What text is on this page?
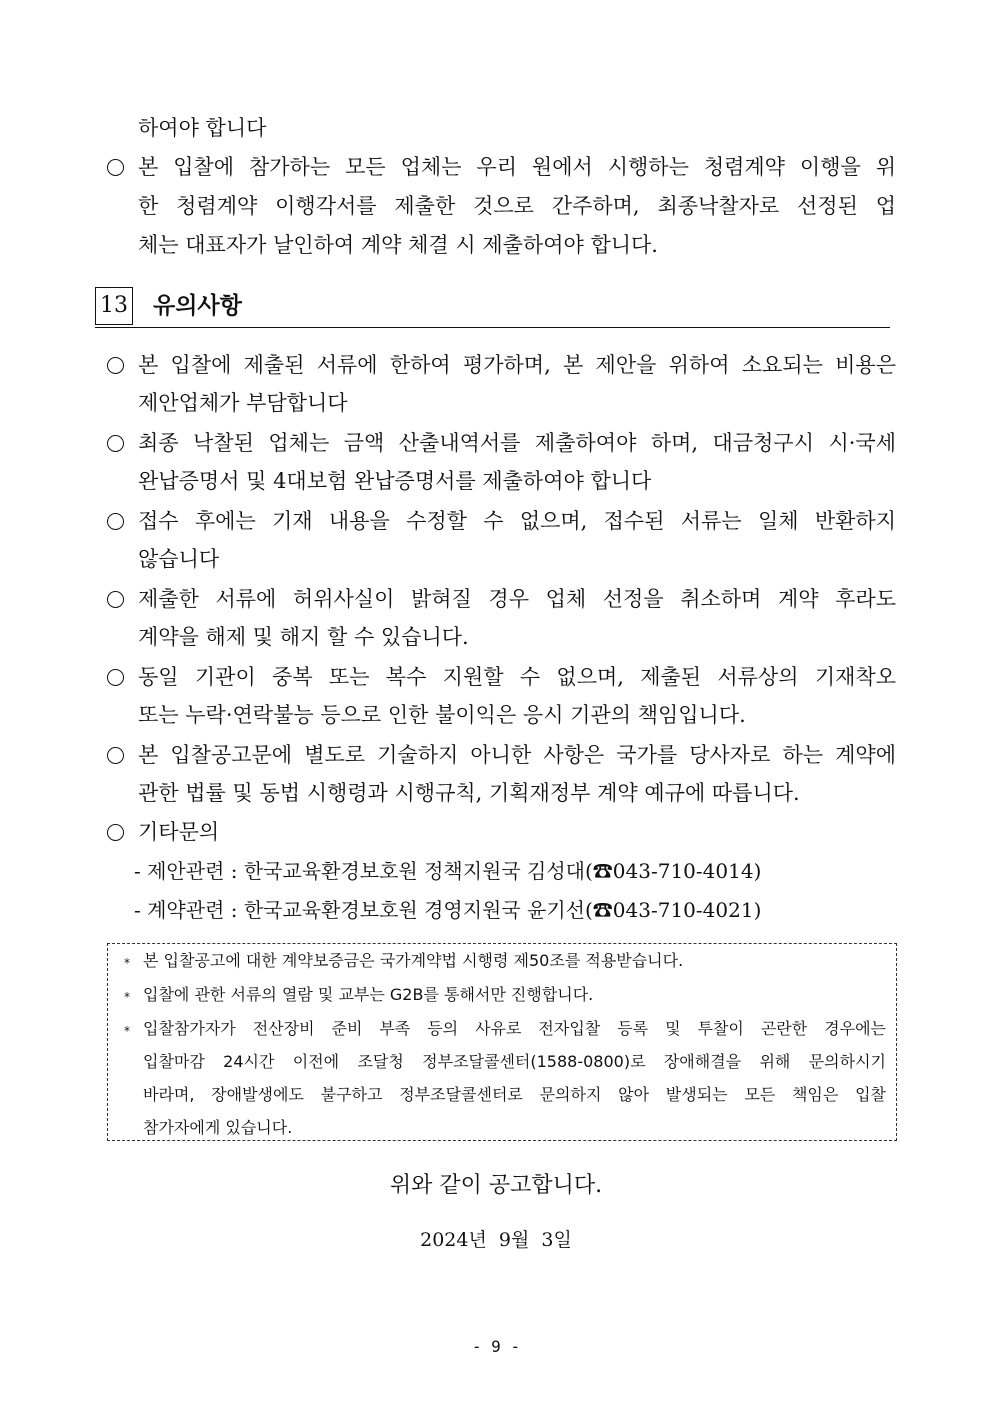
하여야 합니다
본 입찰에 참가하는 모든 업체는 우리 원에서 시행하는 청렴계약 이행을 위
한 청렴계약 이행각서를 제출한 것으로 간주하며, 최종낙찰자로 선정된 업
체는 대표자가 날인하여 계약 체결 시 제출하여야 합니다.
13 유의사항
본 입찰에 제출된 서류에 한하여 평가하며, 본 제안을 위하여 소요되는 비용은
제안업체가 부담합니다
최종 낙찰된 업체는 금액 산출내역서를 제출하여야 하며, 대금청구시 시·국세
완납증명서 및 4대보험 완납증명서를 제출하여야 합니다
접수 후에는 기재 내용을 수정할 수 없으며, 접수된 서류는 일체 반환하지
않습니다
제출한 서류에 허위사실이 밝혀질 경우 업체 선정을 취소하며 계약 후라도
계약을 해제 및 해지 할 수 있습니다.
동일 기관이 중복 또는 복수 지원할 수 없으며, 제출된 서류상의 기재착오
또는 누락·연락불능 등으로 인한 불이익은 응시 기관의 책임입니다.
본 입찰공고문에 별도로 기술하지 아니한 사항은 국가를 당사자로 하는 계약에
관한 법률 및 동법 시행령과 시행규칙, 기획재정부 계약 예규에 따릅니다.
기타문의
- 제안관련 : 한국교육환경보호원 정책지원국 김성대(☎043-710-4014)
- 계약관련 : 한국교육환경보호원 경영지원국 윤기선(☎043-710-4021)
* 본 입찰공고에 대한 계약보증금은 국가계약법 시행령 제50조를 적용받습니다.
* 입찰에 관한 서류의 열람 및 교부는 G2B를 통해서만 진행합니다.
* 입찰참가자가 전산장비 준비 부족 등의 사유로 전자입찰 등록 및 투찰이 곤란한 경우에는
입찰마감 24시간 이전에 조달청 정부조달콜센터(1588-0800)로 장애해결을 위해 문의하시기
바라며, 장애발생에도 불구하고 정부조달콜센터로 문의하지 않아 발생되는 모든 책임은 입찰
참가자에게 있습니다.
위와 같이 공고합니다.
2024년  9월  3일
- 9 -
